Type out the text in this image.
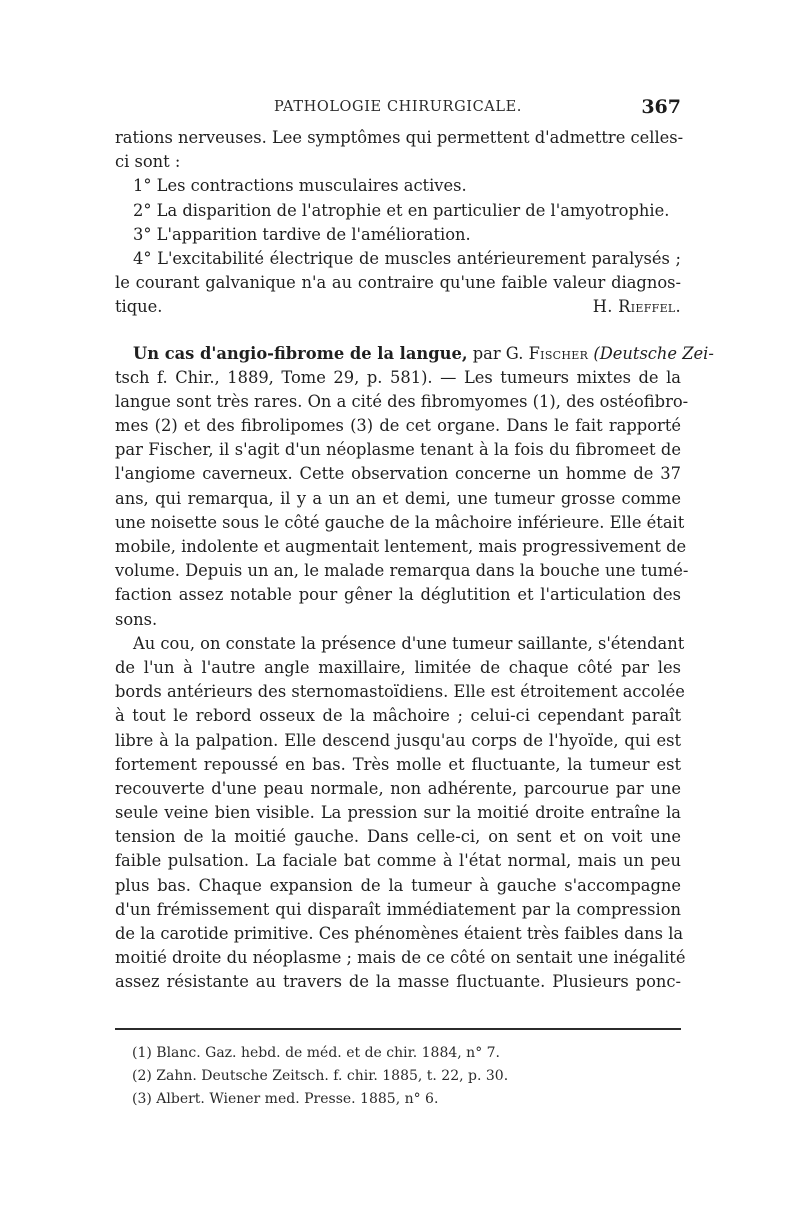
PATHOLOGIE CHIRURGICALE.	367
rations nerveuses. Lee symptômes qui permettent d'admettre celles-
ci sont :
1° Les contractions musculaires actives.
2° La disparition de l'atrophie et en particulier de l'amyotrophie.
3° L'apparition tardive de l'amélioration.
4° L'excitabilité électrique de muscles antérieurement paralysés ;
le courant galvanique n'a au contraire qu'une faible valeur diagnos-
tique.	H. Rieffel.
Un cas d'angio-fibrome de la langue, par G. Fischer (Deutsche Zei-
tsch f. Chir., 1889, Tome 29, p. 581). — Les tumeurs mixtes de la
langue sont très rares. On a cité des fibromyomes (1), des ostéofibro-
mes (2) et des fibrolipomes (3) de cet organe. Dans le fait rapporté
par Fischer, il s'agit d'un néoplasme tenant à la fois du fibromeet de
l'angiome caverneux. Cette observation concerne un homme de 37
ans, qui remarqua, il y a un an et demi, une tumeur grosse comme
une noisette sous le côté gauche de la mâchoire inférieure. Elle était
mobile, indolente et augmentait lentement, mais progressivement de
volume. Depuis un an, le malade remarqua dans la bouche une tumé-
faction assez notable pour gêner la déglutition et l'articulation des
sons.
Au cou, on constate la présence d'une tumeur saillante, s'étendant
de l'un à l'autre angle maxillaire, limitée de chaque côté par les
bords antérieurs des sternomastoïdiens. Elle est étroitement accolée
à tout le rebord osseux de la mâchoire ; celui-ci cependant paraît
libre à la palpation. Elle descend jusqu'au corps de l'hyoïde, qui est
fortement repoussé en bas. Très molle et fluctuante, la tumeur est
recouverte d'une peau normale, non adhérente, parcourue par une
seule veine bien visible. La pression sur la moitié droite entraîne la
tension de la moitié gauche. Dans celle-ci, on sent et on voit une
faible pulsation. La faciale bat comme à l'état normal, mais un peu
plus bas. Chaque expansion de la tumeur à gauche s'accompagne
d'un frémissement qui disparaît immédiatement par la compression
de la carotide primitive. Ces phénomènes étaient très faibles dans la
moitié droite du néoplasme ; mais de ce côté on sentait une inégalité
assez résistante au travers de la masse fluctuante. Plusieurs ponc-
(1) Blanc. Gaz. hebd. de méd. et de chir. 1884, n° 7.
(2) Zahn. Deutsche Zeitsch. f. chir. 1885, t. 22, p. 30.
(3) Albert. Wiener med. Presse. 1885, n° 6.
